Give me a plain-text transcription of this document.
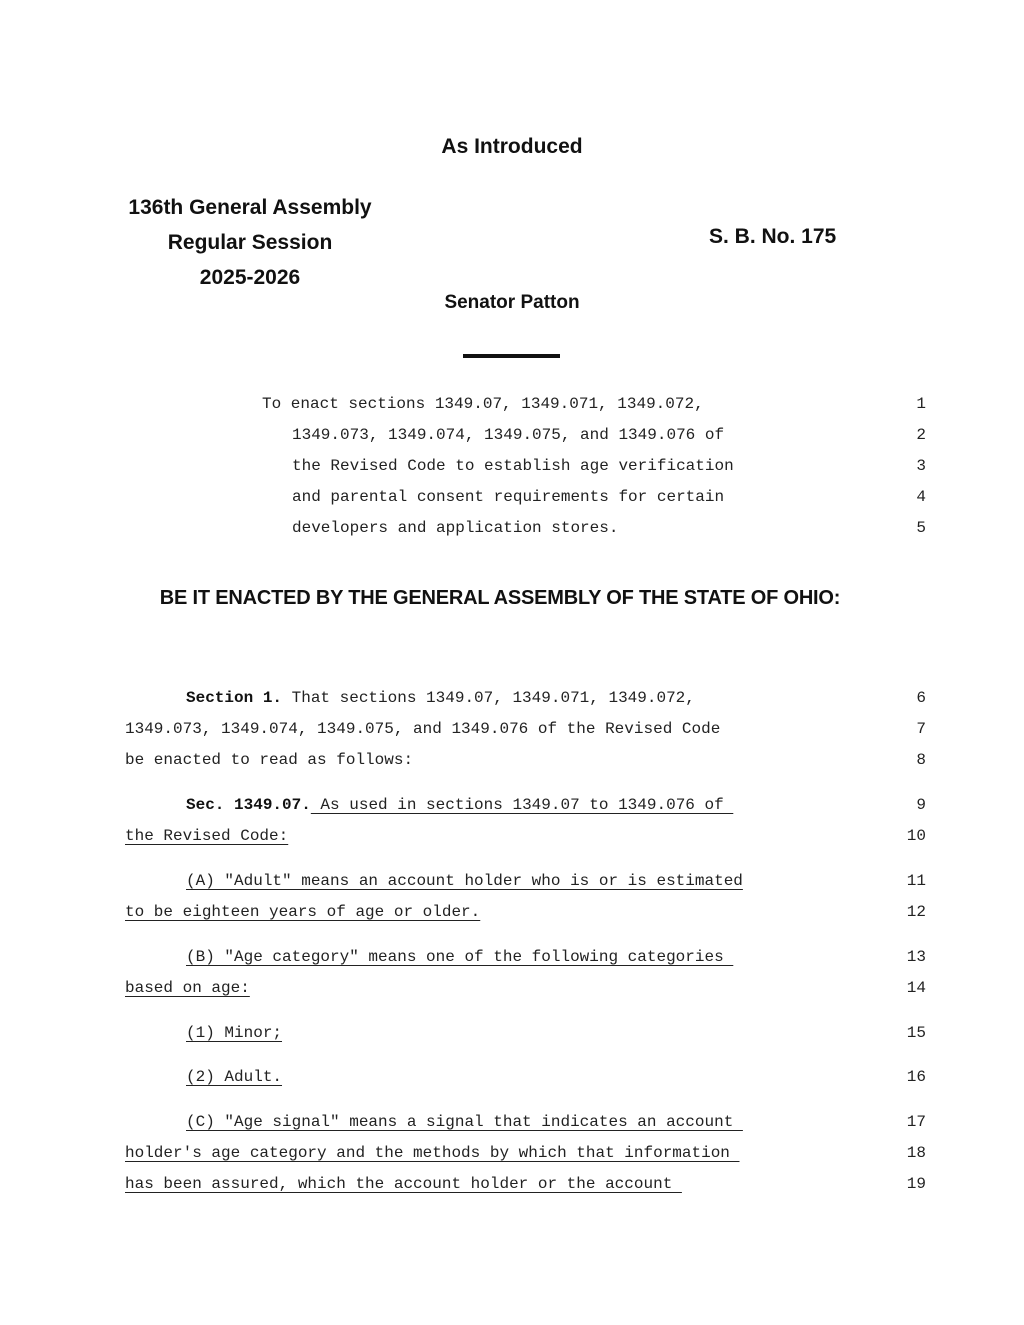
As Introduced
136th General Assembly
Regular Session
2025-2026
S. B. No. 175
Senator Patton
To enact sections 1349.07, 1349.071, 1349.072,	1
1349.073, 1349.074, 1349.075, and 1349.076 of	2
the Revised Code to establish age verification	3
and parental consent requirements for certain	4
developers and application stores.	5
BE IT ENACTED BY THE GENERAL ASSEMBLY OF THE STATE OF OHIO:
Section 1. That sections 1349.07, 1349.071, 1349.072,	6
1349.073, 1349.074, 1349.075, and 1349.076 of the Revised Code	7
be enacted to read as follows:	8
Sec. 1349.07. As used in sections 1349.07 to 1349.076 of	9
the Revised Code:	10
(A) "Adult" means an account holder who is or is estimated	11
to be eighteen years of age or older.	12
(B) "Age category" means one of the following categories	13
based on age:	14
(1) Minor;	15
(2) Adult.	16
(C) "Age signal" means a signal that indicates an account	17
holder's age category and the methods by which that information	18
has been assured, which the account holder or the account	19
